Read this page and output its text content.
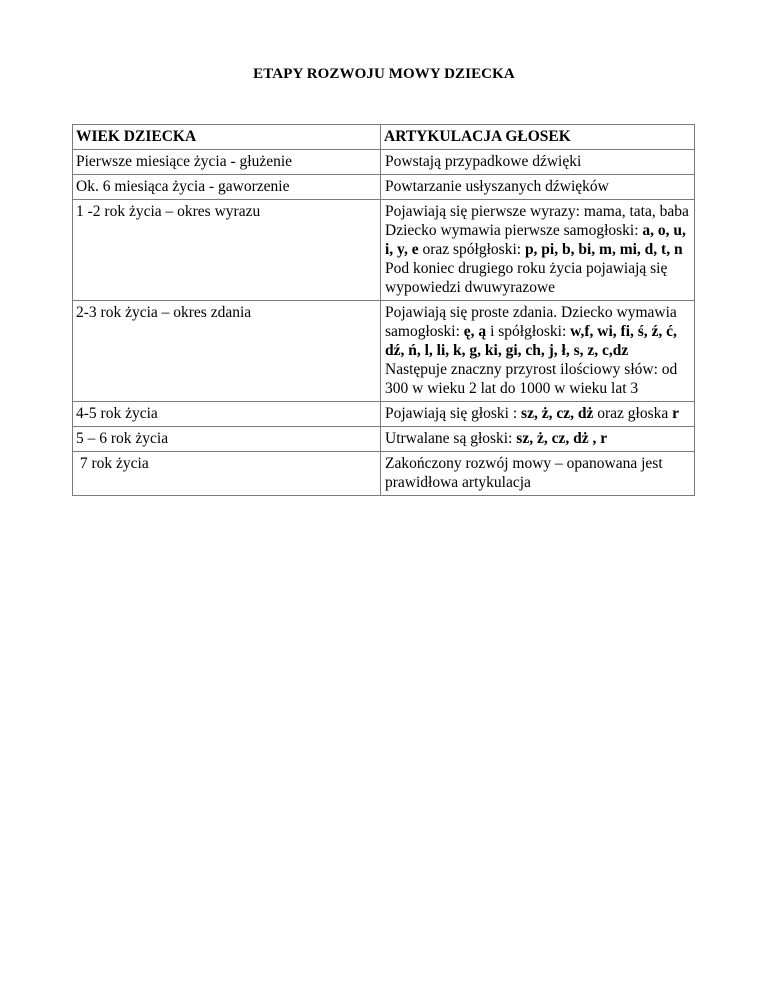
ETAPY ROZWOJU MOWY DZIECKA
WIEK DZIECKA	ARTYKULACJA GŁOSEK
Pierwsze miesiące życia - głużenie	Powstają przypadkowe dźwięki

Ok. 6 miesiąca życia - gaworzenie	Powtarzanie usłyszanych dźwięków

1 -2 rok życia – okres wyrazu	Pojawiają się pierwsze wyrazy: mama, tata, baba
Dziecko wymawia pierwsze samogłoski: a, o, u, i, y, e oraz spółgłoski: p, pi, b, bi, m, mi, d, t, n
Pod koniec drugiego roku życia pojawiają się wypowiedzi dwuwyrazowe

2-3 rok życia – okres zdania	Pojawiają się proste zdania. Dziecko wymawia samogłoski: ę, ą i spółgłoski: w,f, wi, fi, ś, ź, ć, dź, ń, l, li, k, g, ki, gi, ch, j, ł, s, z, c,dz
Następuje znaczny przyrost ilościowy słów: od 300 w wieku 2 lat do 1000 w wieku lat 3

4-5 rok życia	Pojawiają się głoski : sz, ż, cz, dż oraz głoska r

5 – 6 rok życia	Utrwalane są głoski: sz, ż, cz, dż , r

7 rok życia	Zakończony rozwój mowy – opanowana jest prawidłowa artykulacja
